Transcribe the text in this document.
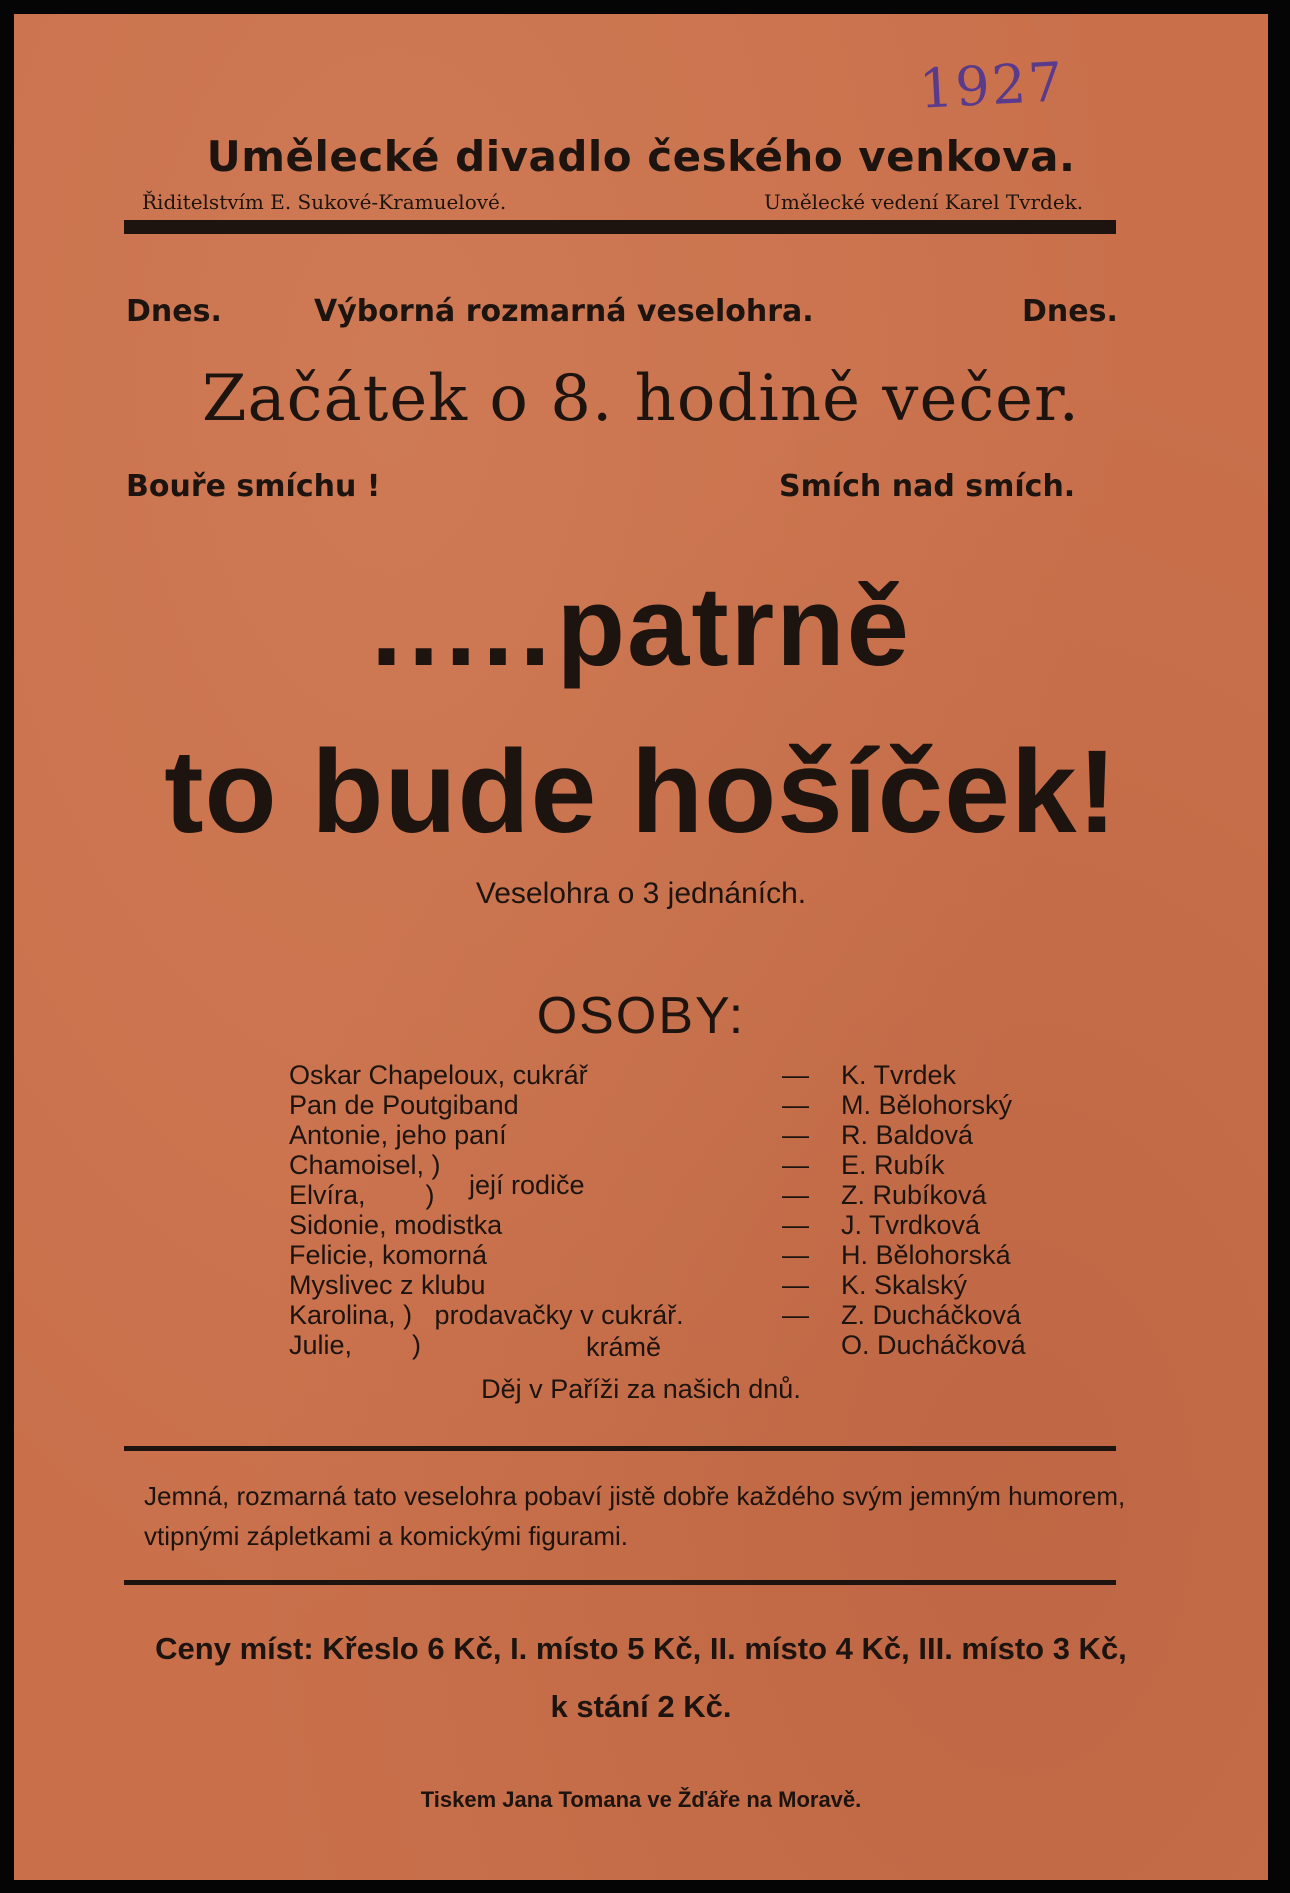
1927
Umělecké divadlo českého venkova.
Řiditelstvím E. Sukové-Kramuelové.	Umělecké vedení Karel Tvrdek.
Dnes.	Výborná rozmarná veselohra.	Dnes.
Začátek o 8. hodině večer.
Bouře smíchu !	Smích nad smích.
.....patrně
to bude hošíček!
Veselohra o 3 jednáních.
OSOBY:
Oskar Chapeloux, cukrář	— K. Tvrdek
Pan de Poutgiband	— M. Bělohorský
Antonie, jeho paní	— R. Baldová
Chamoisel, )	— E. Rubík
Elvíra,        )	— Z. Rubíková
Sidonie, modistka	— J. Tvrdková
Felicie, komorná	— H. Bělohorská
Myslivec z klubu	— K. Skalský
Karolina, )   prodavačky v cukrář.	— Z. Ducháčková
Julie,        )	O. Ducháčková
její rodiče
krámě
Děj v Paříži za našich dnů.
Jemná, rozmarná tato veselohra pobaví jistě dobře každého svým jemným humorem, vtipnými zápletkami a komickými figurami.
Ceny míst: Křeslo 6 Kč, I. místo 5 Kč, II. místo 4 Kč, III. místo 3 Kč,
k stání 2 Kč.
Tiskem Jana Tomana ve Žďáře na Moravě.
